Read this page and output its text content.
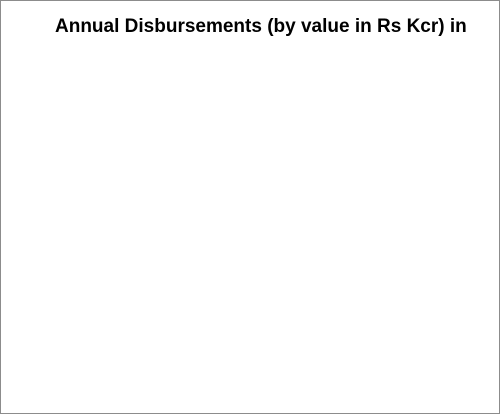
Annual Disbursements (by value in Rs Kcr) in
